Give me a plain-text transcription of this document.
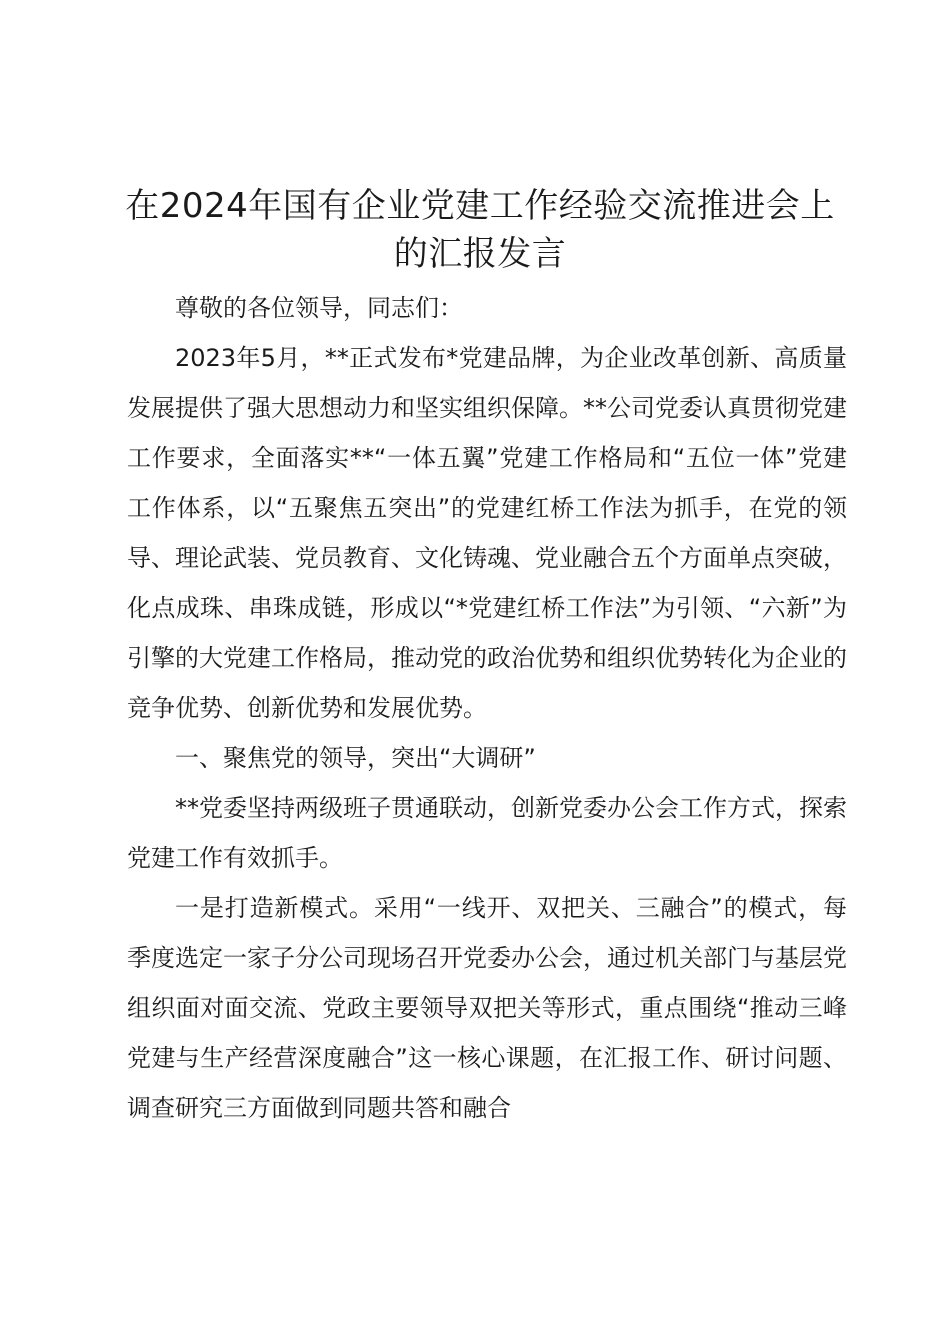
在2024年国有企业党建工作经验交流推进会上的汇报发言

尊敬的各位领导，同志们：

2023年5月，**正式发布*党建品牌，为企业改革创新、高质量发展提供了强大思想动力和坚实组织保障。**公司党委认真贯彻党建工作要求，全面落实**“一体五翼”党建工作格局和“五位一体”党建工作体系，以“五聚焦五突出”的党建红桥工作法为抓手，在党的领导、理论武装、党员教育、文化铸魂、党业融合五个方面单点突破，化点成珠、串珠成链，形成以“*党建红桥工作法”为引领、“六新”为引擎的大党建工作格局，推动党的政治优势和组织优势转化为企业的竞争优势、创新优势和发展优势。

一、聚焦党的领导，突出“大调研”

**党委坚持两级班子贯通联动，创新党委办公会工作方式，探索党建工作有效抓手。

一是打造新模式。采用“一线开、双把关、三融合”的模式，每季度选定一家子分公司现场召开党委办公会，通过机关部门与基层党组织面对面交流、党政主要领导双把关等形式，重点围绕“推动三峰党建与生产经营深度融合”这一核心课题，在汇报工作、研讨问题、调查研究三方面做到同题共答和融合
